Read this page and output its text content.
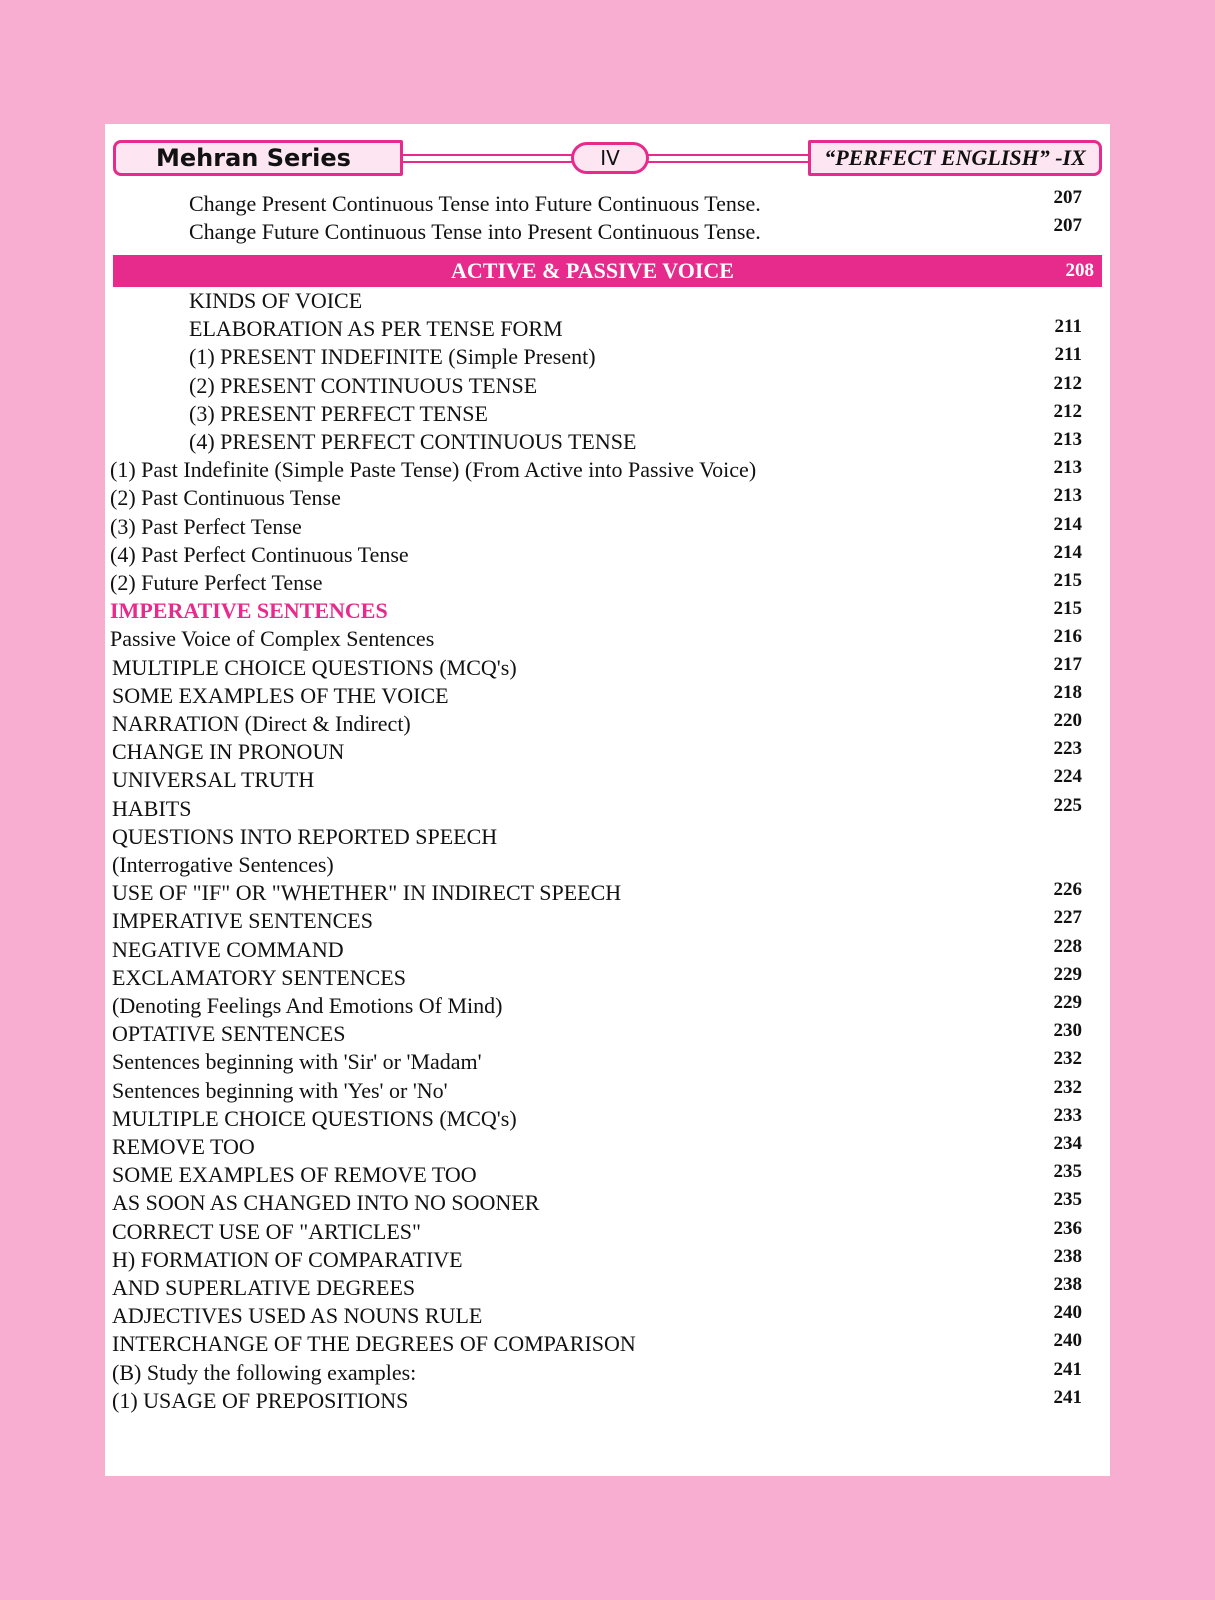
Mehran Series	IV	“PERFECT ENGLISH” -IX
Change Present Continuous Tense into Future Continuous Tense.	207
Change Future Continuous Tense into Present Continuous Tense.	207
ACTIVE & PASSIVE VOICE	208
KINDS OF VOICE
ELABORATION AS PER TENSE FORM	211
(1) PRESENT INDEFINITE (Simple Present)	211
(2) PRESENT CONTINUOUS TENSE	212
(3) PRESENT PERFECT TENSE	212
(4) PRESENT PERFECT CONTINUOUS TENSE	213
(1) Past Indefinite (Simple Paste Tense) (From Active into Passive Voice)	213
(2) Past Continuous Tense	213
(3) Past Perfect Tense	214
(4) Past Perfect Continuous Tense	214
(2) Future Perfect Tense	215
IMPERATIVE SENTENCES	215
Passive Voice of Complex Sentences	216
MULTIPLE CHOICE QUESTIONS (MCQ's)	217
SOME EXAMPLES OF THE VOICE	218
NARRATION (Direct & Indirect)	220
CHANGE IN PRONOUN	223
UNIVERSAL TRUTH	224
HABITS	225
QUESTIONS INTO REPORTED SPEECH
(Interrogative Sentences)
USE OF "IF" OR "WHETHER" IN INDIRECT SPEECH	226
IMPERATIVE SENTENCES	227
NEGATIVE COMMAND	228
EXCLAMATORY SENTENCES	229
(Denoting Feelings And Emotions Of Mind)	229
OPTATIVE SENTENCES	230
Sentences beginning with 'Sir' or 'Madam'	232
Sentences beginning with 'Yes' or 'No'	232
MULTIPLE CHOICE QUESTIONS (MCQ's)	233
REMOVE TOO	234
SOME EXAMPLES OF REMOVE TOO	235
AS SOON AS CHANGED INTO NO SOONER	235
CORRECT USE OF "ARTICLES"	236
H) FORMATION OF COMPARATIVE	238
AND SUPERLATIVE DEGREES	238
ADJECTIVES USED AS NOUNS RULE	240
INTERCHANGE OF THE DEGREES OF COMPARISON	240
(B) Study the following examples:	241
(1) USAGE OF PREPOSITIONS	241
